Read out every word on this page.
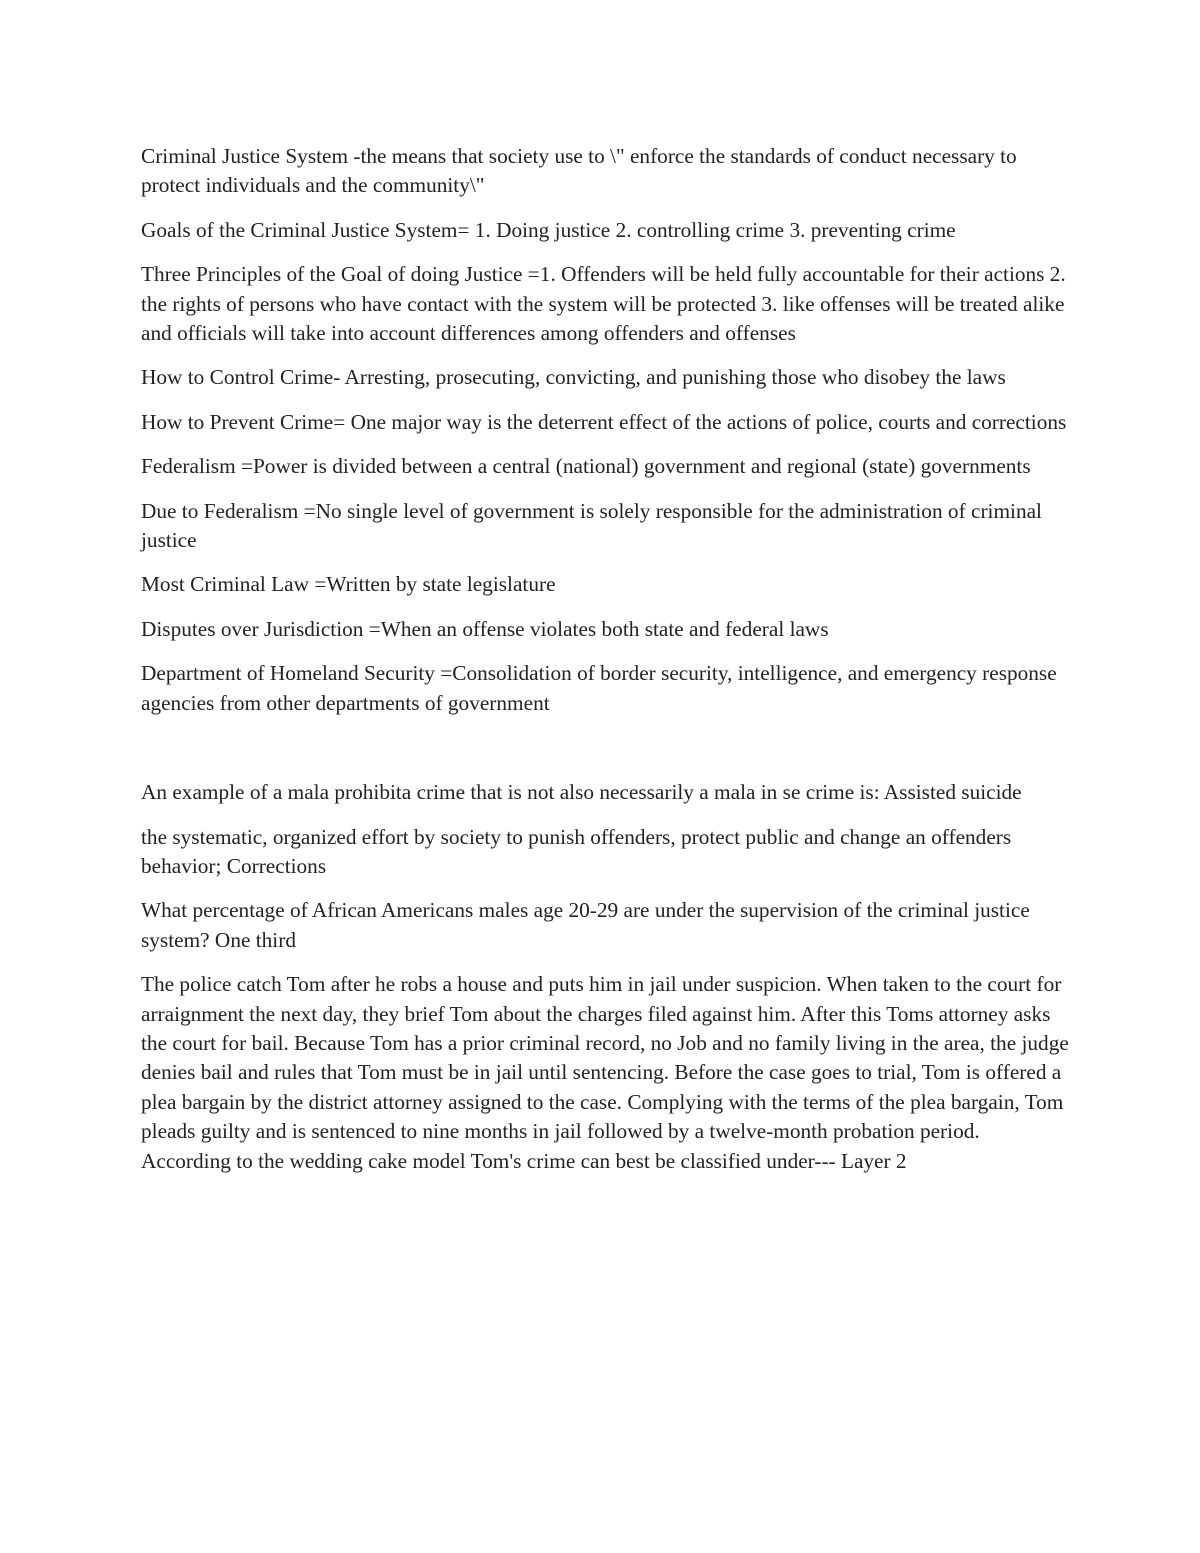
Criminal Justice System -the means that society use to \" enforce the standards of conduct necessary to protect individuals and the community\"

Goals of the Criminal Justice System= 1. Doing justice 2. controlling crime 3. preventing crime

Three Principles of the Goal of doing Justice =1. Offenders will be held fully accountable for their actions 2. the rights of persons who have contact with the system will be protected 3. like offenses will be treated alike and officials will take into account differences among offenders and offenses

How to Control Crime- Arresting, prosecuting, convicting, and punishing those who disobey the laws

How to Prevent Crime= One major way is the deterrent effect of the actions of police, courts and corrections

Federalism =Power is divided between a central (national) government and regional (state) governments

Due to Federalism =No single level of government is solely responsible for the administration of criminal justice

Most Criminal Law =Written by state legislature

Disputes over Jurisdiction =When an offense violates both state and federal laws

Department of Homeland Security =Consolidation of border security, intelligence, and emergency response agencies from other departments of government

An example of a mala prohibita crime that is not also necessarily a mala in se crime is: Assisted suicide

the systematic, organized effort by society to punish offenders, protect public and change an offenders behavior; Corrections

What percentage of African Americans males age 20-29 are under the supervision of the criminal justice system? One third

The police catch Tom after he robs a house and puts him in jail under suspicion. When taken to the court for arraignment the next day, they brief Tom about the charges filed against him. After this Toms attorney asks the court for bail. Because Tom has a prior criminal record, no Job and no family living in the area, the judge denies bail and rules that Tom must be in jail until sentencing. Before the case goes to trial, Tom is offered a plea bargain by the district attorney assigned to the case. Complying with the terms of the plea bargain, Tom pleads guilty and is sentenced to nine months in jail followed by a twelve-month probation period. According to the wedding cake model Tom's crime can best be classified under--- Layer 2
